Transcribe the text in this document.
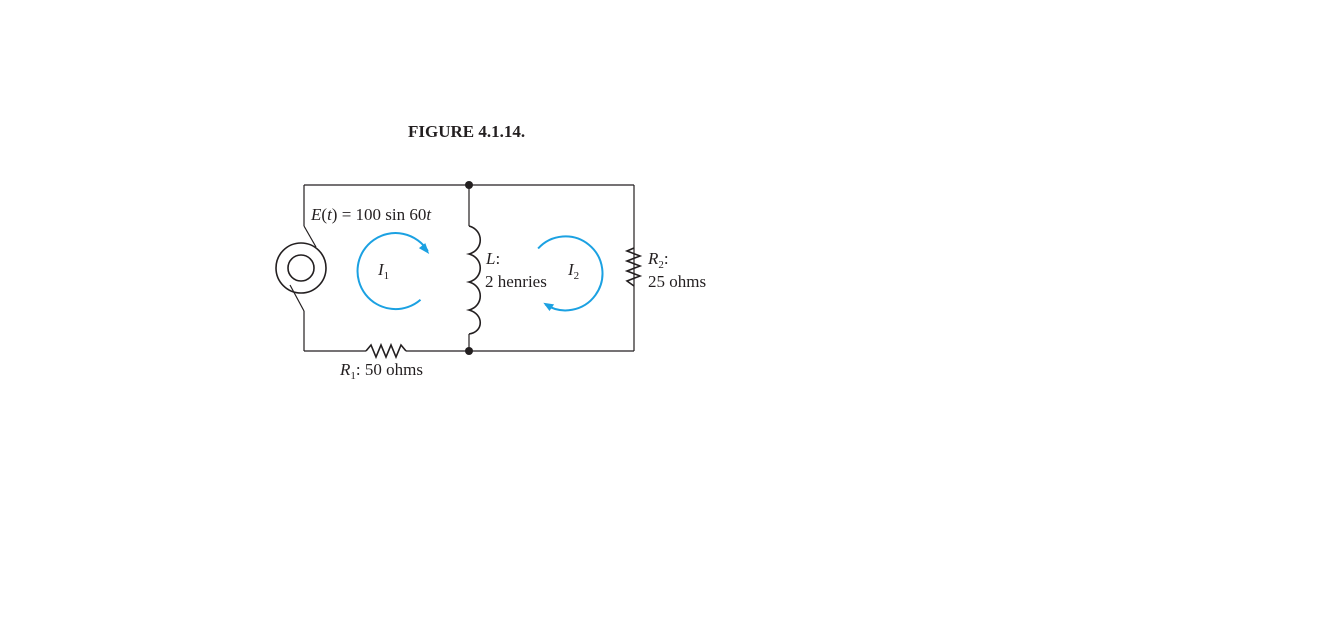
FIGURE 4.1.14.
E(t) = 100 sin 60t
$I_1$
L:
2 henries
$I_2$
$R_2$:
25 ohms
$R_1$: 50 ohms
